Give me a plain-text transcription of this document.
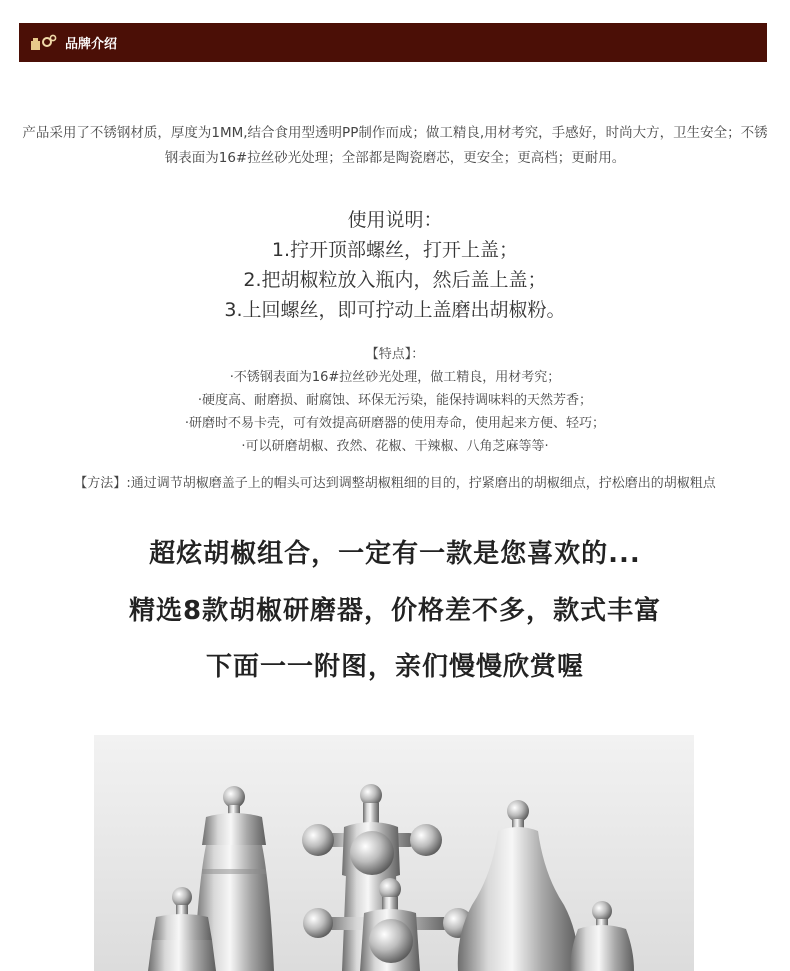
品牌介绍
产品采用了不锈钢材质，厚度为1MM,结合食用型透明PP制作而成；做工精良,用材考究，手感好，时尚大方，卫生安全；不锈钢表面为16#拉丝砂光处理；全部都是陶瓷磨芯，更安全；更高档；更耐用。
使用说明：
1.拧开顶部螺丝，打开上盖；
2.把胡椒粒放入瓶内，然后盖上盖；
3.上回螺丝，即可拧动上盖磨出胡椒粉。
【特点】：
·不锈钢表面为16#拉丝砂光处理，做工精良，用材考究；
·硬度高、耐磨损、耐腐蚀、环保无污染，能保持调味料的天然芳香；
·研磨时不易卡壳，可有效提高研磨器的使用寿命，使用起来方便、轻巧；
·可以研磨胡椒、孜然、花椒、干辣椒、八角芝麻等等·
【方法】:通过调节胡椒磨盖子上的帽头可达到调整胡椒粗细的目的，拧紧磨出的胡椒细点，拧松磨出的胡椒粗点
超炫胡椒组合，一定有一款是您喜欢的...
精选8款胡椒研磨器，价格差不多，款式丰富
下面一一附图，亲们慢慢欣赏喔
